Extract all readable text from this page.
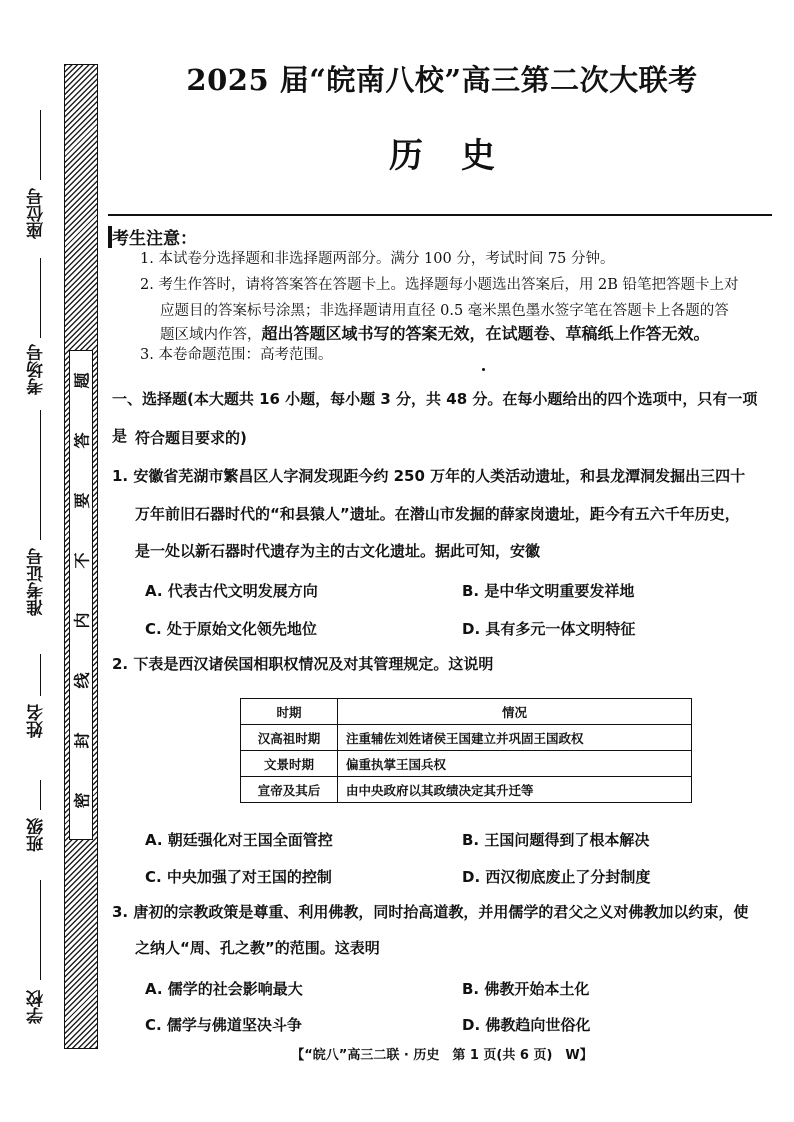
座位号
考场号
准考证号
姓名
班级
学校
题
答
要
不
内
线
封
密
2025 届“皖南八校”高三第二次大联考
历史
考生注意：
1. 本试卷分选择题和非选择题两部分。满分 100 分，考试时间 75 分钟。
2. 考生作答时，请将答案答在答题卡上。选择题每小题选出答案后，用 2B 铅笔把答题卡上对
应题目的答案标号涂黑；非选择题请用直径 0.5 毫米黑色墨水签字笔在答题卡上各题的答
题区域内作答，超出答题区域书写的答案无效，在试题卷、草稿纸上作答无效。
3. 本卷命题范围：高考范围。
一、选择题(本大题共 16 小题，每小题 3 分，共 48 分。在每小题给出的四个选项中，只有一项是 符合题目要求的)
1. 安徽省芜湖市繁昌区人字洞发现距今约 250 万年的人类活动遗址，和县龙潭洞发掘出三四十
万年前旧石器时代的“和县猿人”遗址。在潜山市发掘的薛家岗遗址，距今有五六千年历史，
是一处以新石器时代遗存为主的古文化遗址。据此可知，安徽
A. 代表古代文明发展方向	B. 是中华文明重要发祥地
C. 处于原始文化领先地位	D. 具有多元一体文明特征
2. 下表是西汉诸侯国相职权情况及对其管理规定。这说明
时期	情况
汉高祖时期	注重辅佐刘姓诸侯王国建立并巩固王国政权
文景时期	偏重执掌王国兵权
宣帝及其后	由中央政府以其政绩决定其升迁等
A. 朝廷强化对王国全面管控	B. 王国问题得到了根本解决
C. 中央加强了对王国的控制	D. 西汉彻底废止了分封制度
3. 唐初的宗教政策是尊重、利用佛教，同时抬高道教，并用儒学的君父之义对佛教加以约束，使
之纳人“周、孔之教”的范围。这表明
A. 儒学的社会影响最大	B. 佛教开始本土化
C. 儒学与佛道坚决斗争	D. 佛教趋向世俗化
【“皖八”高三二联 · 历史　第 1 页(共 6 页)　W】
